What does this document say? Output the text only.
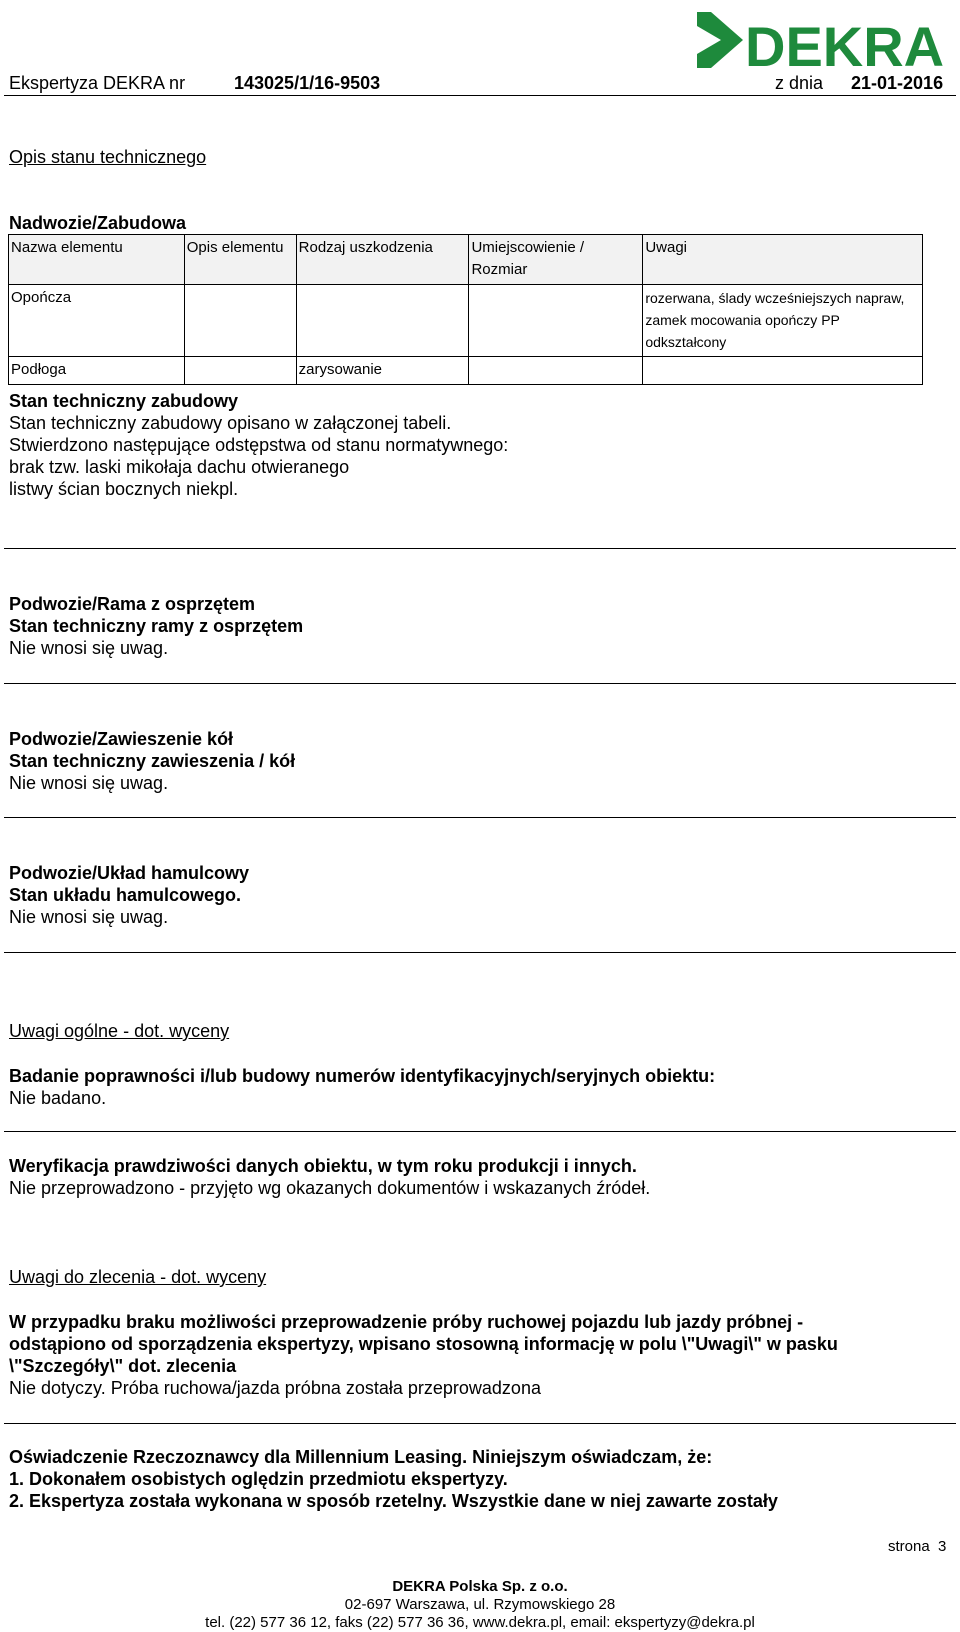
DEKRA
Ekspertyza DEKRA nr	143025/1/16-9503	z dnia 21-01-2016
Opis stanu technicznego
Nadwozie/Zabudowa
Nazwa elementu	Opis elementu	Rodzaj uszkodzenia	Umiejscowienie / Rozmiar	Uwagi
Opończa				rozerwana, ślady wcześniejszych napraw, zamek mocowania opończy PP odkształcony
Podłoga		zarysowanie		
Stan techniczny zabudowy
Stan techniczny zabudowy opisano w załączonej tabeli.
Stwierdzono następujące odstępstwa od stanu normatywnego:
brak tzw. laski mikołaja dachu otwieranego
listwy ścian bocznych niekpl.
Podwozie/Rama z osprzętem
Stan techniczny ramy z osprzętem
Nie wnosi się uwag.
Podwozie/Zawieszenie kół
Stan techniczny zawieszenia / kół
Nie wnosi się uwag.
Podwozie/Układ hamulcowy
Stan układu hamulcowego.
Nie wnosi się uwag.
Uwagi ogólne - dot. wyceny
Badanie poprawności i/lub budowy numerów identyfikacyjnych/seryjnych obiektu:
Nie badano.
Weryfikacja prawdziwości danych obiektu, w tym roku produkcji i innych.
Nie przeprowadzono - przyjęto wg okazanych dokumentów i wskazanych źródeł.
Uwagi do zlecenia - dot. wyceny
W przypadku braku możliwości przeprowadzenie próby ruchowej pojazdu lub jazdy próbnej -
odstąpiono od sporządzenia ekspertyzy, wpisano stosowną informację w polu \"Uwagi\" w pasku
\"Szczegóły\" dot. zlecenia
Nie dotyczy. Próba ruchowa/jazda próbna została przeprowadzona
Oświadczenie Rzeczoznawcy dla Millennium Leasing. Niniejszym oświadczam, że:
1. Dokonałem osobistych oględzin przedmiotu ekspertyzy.
2. Ekspertyza została wykonana w sposób rzetelny. Wszystkie dane w niej zawarte zostały
strona 3
DEKRA Polska Sp. z o.o.
02-697 Warszawa, ul. Rzymowskiego 28
tel. (22) 577 36 12, faks (22) 577 36 36, www.dekra.pl, email: ekspertyzy@dekra.pl
